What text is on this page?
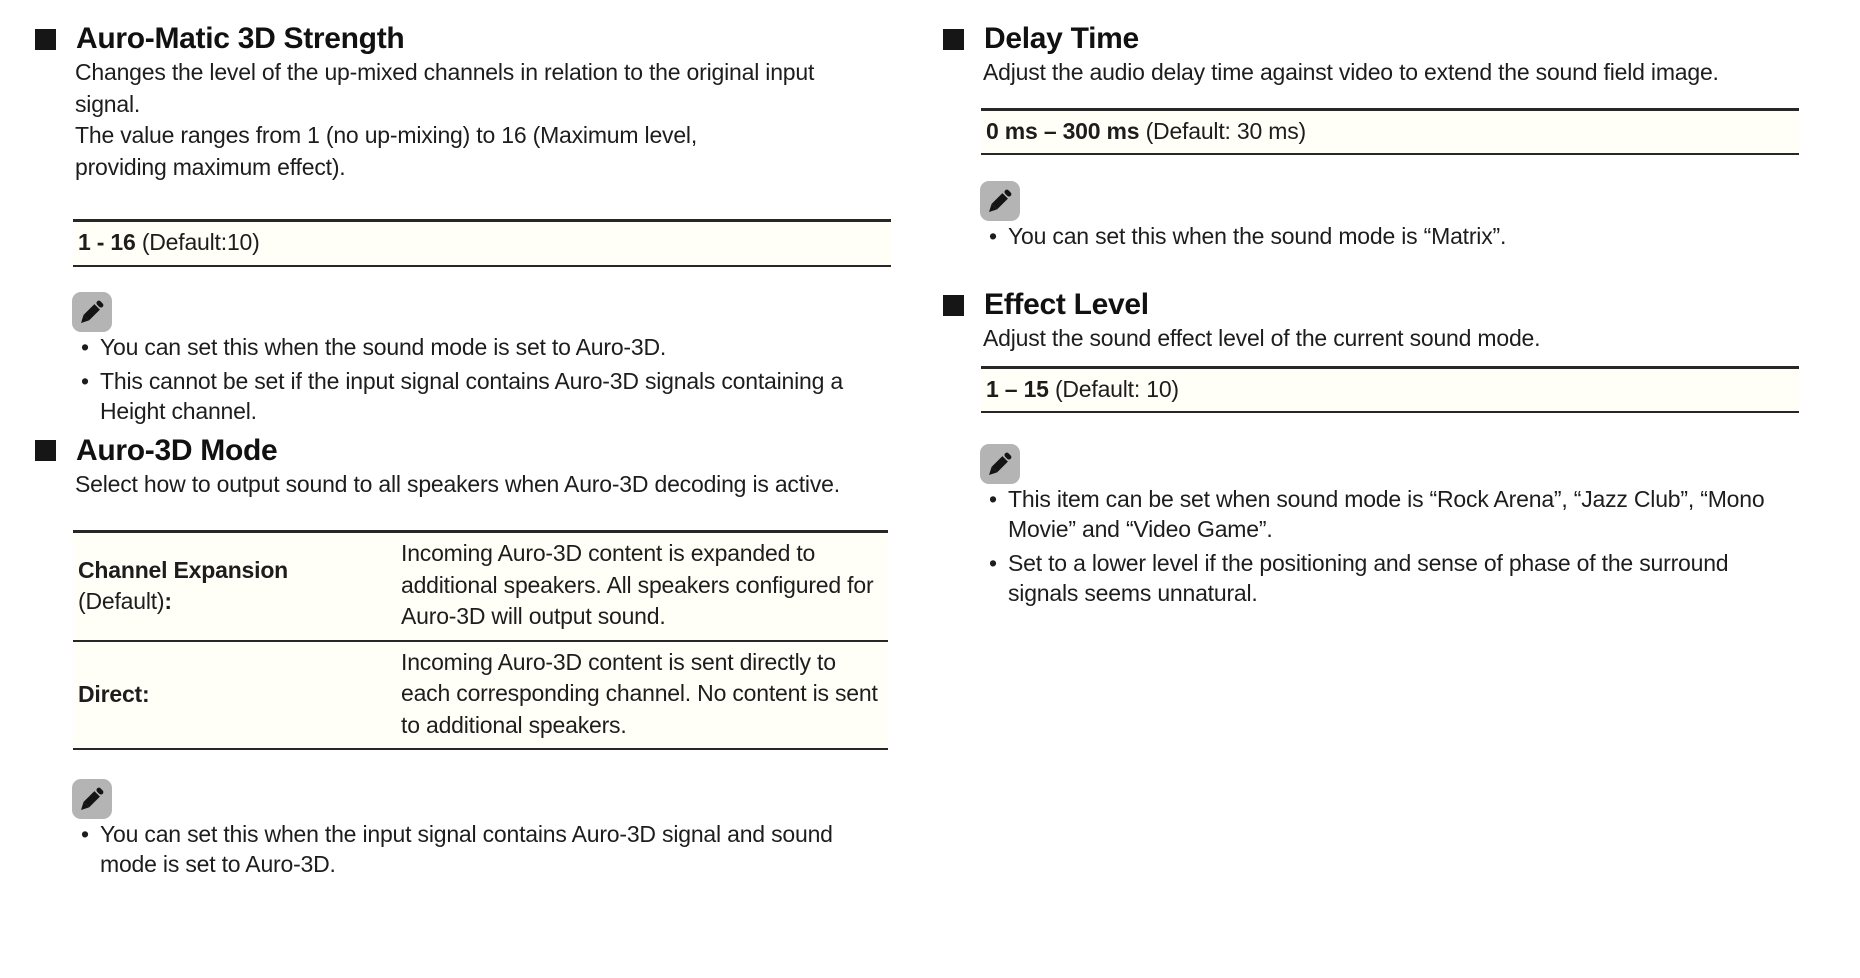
Auro-Matic 3D Strength

Changes the level of the up-mixed channels in relation to the original input signal.

The value ranges from 1 (no up-mixing) to 16 (Maximum level, providing maximum effect).

1 - 16 (Default:10)
• You can set this when the sound mode is set to Auro-3D.
• This cannot be set if the input signal contains Auro-3D signals containing a Height channel.
Auro-3D Mode

Select how to output sound to all speakers when Auro-3D decoding is active.

Channel Expansion
(Default):
Incoming Auro-3D content is expanded to additional speakers. All speakers configured for Auro-3D will output sound.
Direct:
Incoming Auro-3D content is sent directly to each corresponding channel. No content is sent to additional speakers.
• You can set this when the input signal contains Auro-3D signal and sound mode is set to Auro-3D.
Delay Time

Adjust the audio delay time against video to extend the sound field image.

0 ms – 300 ms (Default: 30 ms)
• You can set this when the sound mode is “Matrix”.
Effect Level

Adjust the sound effect level of the current sound mode.

1 – 15 (Default: 10)
• This item can be set when sound mode is “Rock Arena”, “Jazz Club”, “Mono Movie” and “Video Game”.
• Set to a lower level if the positioning and sense of phase of the surround signals seems unnatural.
